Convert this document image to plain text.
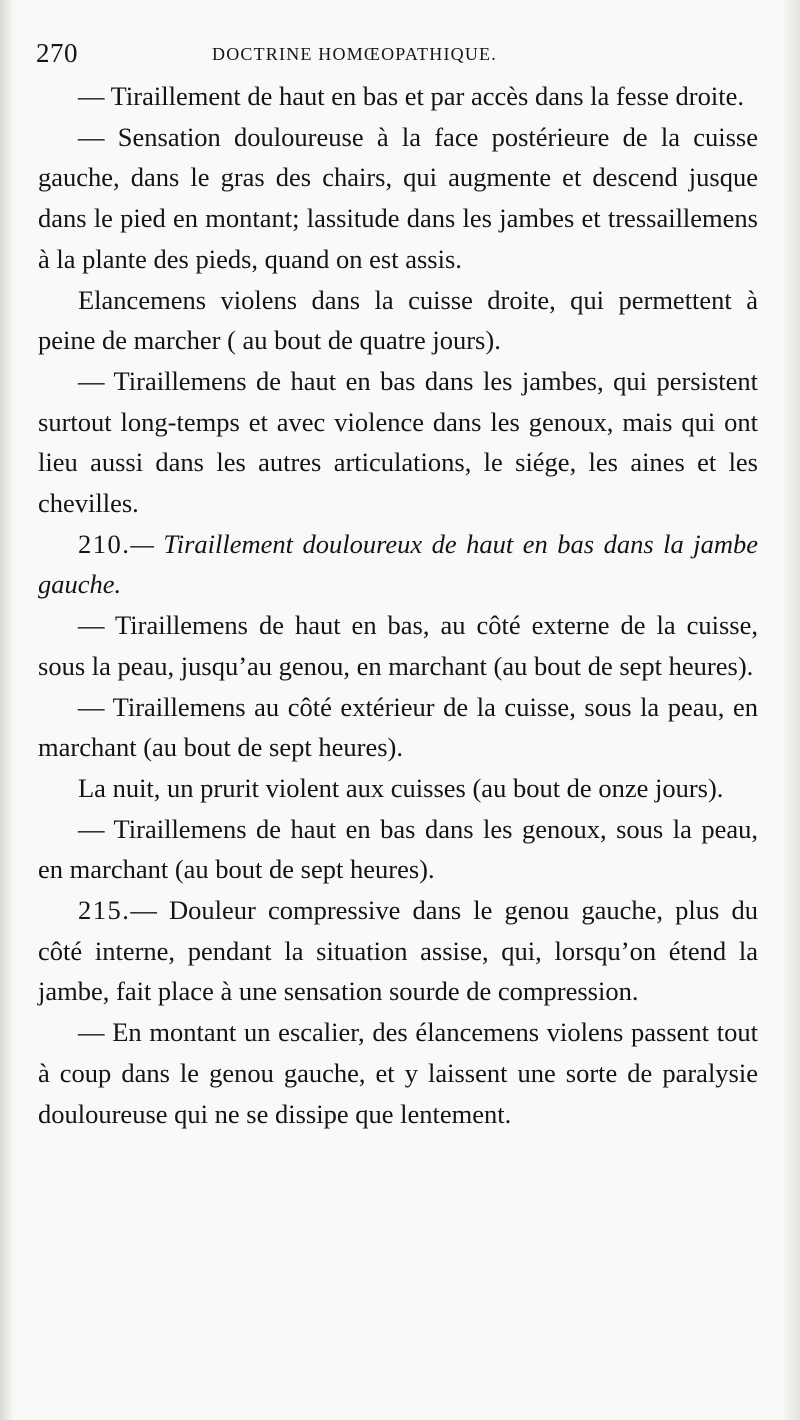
270	DOCTRINE HOMŒOPATHIQUE.

— Tiraillement de haut en bas et par accès dans la fesse droite.

— Sensation douloureuse à la face postérieure de la cuisse gauche, dans le gras des chairs, qui augmente et descend jusque dans le pied en montant; lassitude dans les jambes et tressaillemens à la plante des pieds, quand on est assis.

Elancemens violens dans la cuisse droite, qui permettent à peine de marcher ( au bout de quatre jours).

— Tiraillemens de haut en bas dans les jambes, qui persistent surtout long-temps et avec violence dans les genoux, mais qui ont lieu aussi dans les autres articulations, le siége, les aines et les chevilles.

210.— Tiraillement douloureux de haut en bas dans la jambe gauche.

— Tiraillemens de haut en bas, au côté externe de la cuisse, sous la peau, jusqu’au genou, en marchant (au bout de sept heures).

— Tiraillemens au côté extérieur de la cuisse, sous la peau, en marchant (au bout de sept heures).

La nuit, un prurit violent aux cuisses (au bout de onze jours).

— Tiraillemens de haut en bas dans les genoux, sous la peau, en marchant (au bout de sept heures).

215.— Douleur compressive dans le genou gauche, plus du côté interne, pendant la situation assise, qui, lorsqu’on étend la jambe, fait place à une sensation sourde de compression.

— En montant un escalier, des élancemens violens passent tout à coup dans le genou gauche, et y laissent une sorte de paralysie douloureuse qui ne se dissipe que lentement.
